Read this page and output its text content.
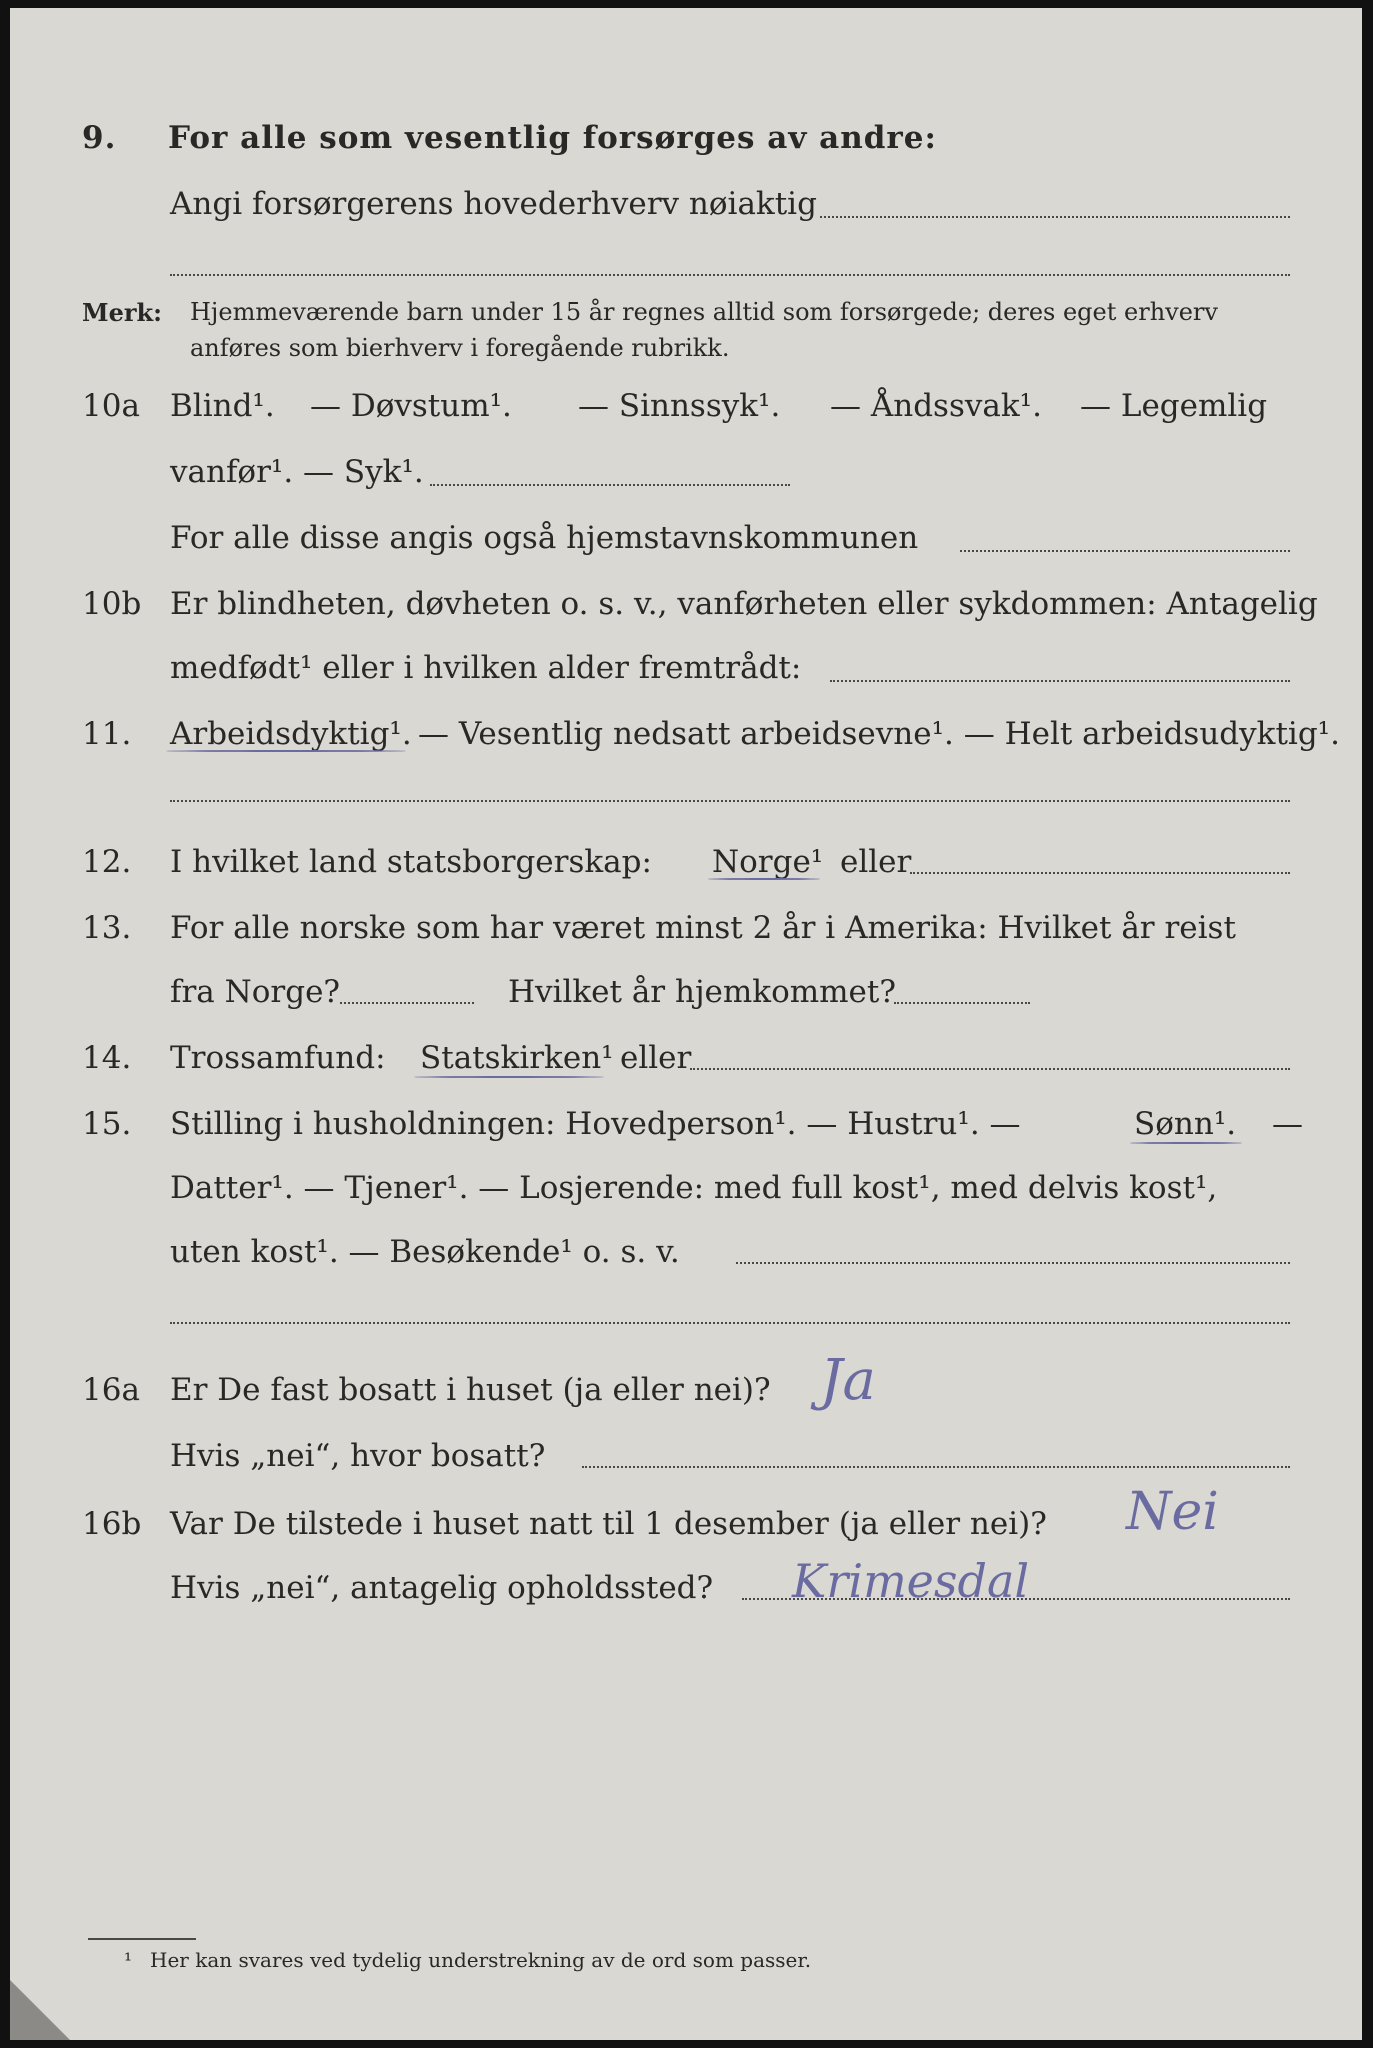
9.	For alle som vesentlig forsørges av andre:
Angi forsørgerens hovederhverv nøiaktig
Merk: Hjemmeværende barn under 15 år regnes alltid som forsørgede; deres eget erhverv
anføres som bierhverv i foregående rubrikk.
10a Blind¹. — Døvstum¹. — Sinnssyk¹. — Åndssvak¹. — Legemlig
vanfør¹. — Syk¹.
For alle disse angis også hjemstavnskommunen
10b Er blindheten, døvheten o. s. v., vanførheten eller sykdommen: Antagelig
medfødt¹ eller i hvilken alder fremtrådt:
11.	Arbeidsdyktig¹. — Vesentlig nedsatt arbeidsevne¹. — Helt arbeidsudyktig¹.
12.	I hvilket land statsborgerskap: Norge¹ eller
13.	For alle norske som har været minst 2 år i Amerika: Hvilket år reist
fra Norge?	Hvilket år hjemkommet?
14.	Trossamfund: Statskirken¹ eller
15.	Stilling i husholdningen: Hovedperson¹. — Hustru¹. —	Sønn¹. —
Datter¹. — Tjener¹. — Losjerende: med full kost¹, med delvis kost¹,
uten kost¹. — Besøkende¹ o. s. v.
16a Er De fast bosatt i huset (ja eller nei)? Ja
Hvis „nei“, hvor bosatt?
16b Var De tilstede i huset natt til 1 desember (ja eller nei)? Nei
Hvis „nei“, antagelig opholdssted? Krimesdal
¹ Her kan svares ved tydelig understrekning av de ord som passer.
